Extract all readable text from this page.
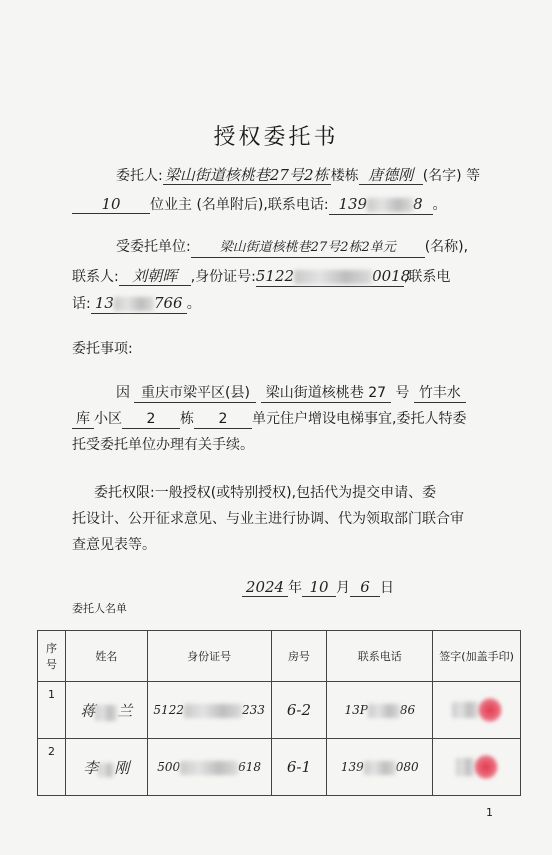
授权委托书
委托人: 梁山街道核桃巷27号2栋 楼栋 唐德刚 (名字) 等
10 位业主 (名单附后),联系电话: 139	8 。
受委托单位: 梁山街道核桃巷27号2栋2单元 (名称),
联系人: 刘朝晖 ,身份证号:5122	0018,联系电
话: 13	766 。
委托事项:
因 重庆市梁平区(县) 梁山街道核桃巷 27 号 竹丰水
库 小区 2 栋 2 单元住户增设电梯事宜,委托人特委
托受委托单位办理有关手续。
委托权限:一般授权(或特别授权),包括代为提交申请、委
托设计、公开征求意见、与业主进行协调、代为领取部门联合审
查意见表等。
2024 年 10 月 6 日
委托人名单
序号	姓名	身份证号	房号	联系电话	签字(加盖手印)
1	蒋 兰	5122 233	6-2	13P 86	
2	李 刚	500 618	6-1	139 080	
1
